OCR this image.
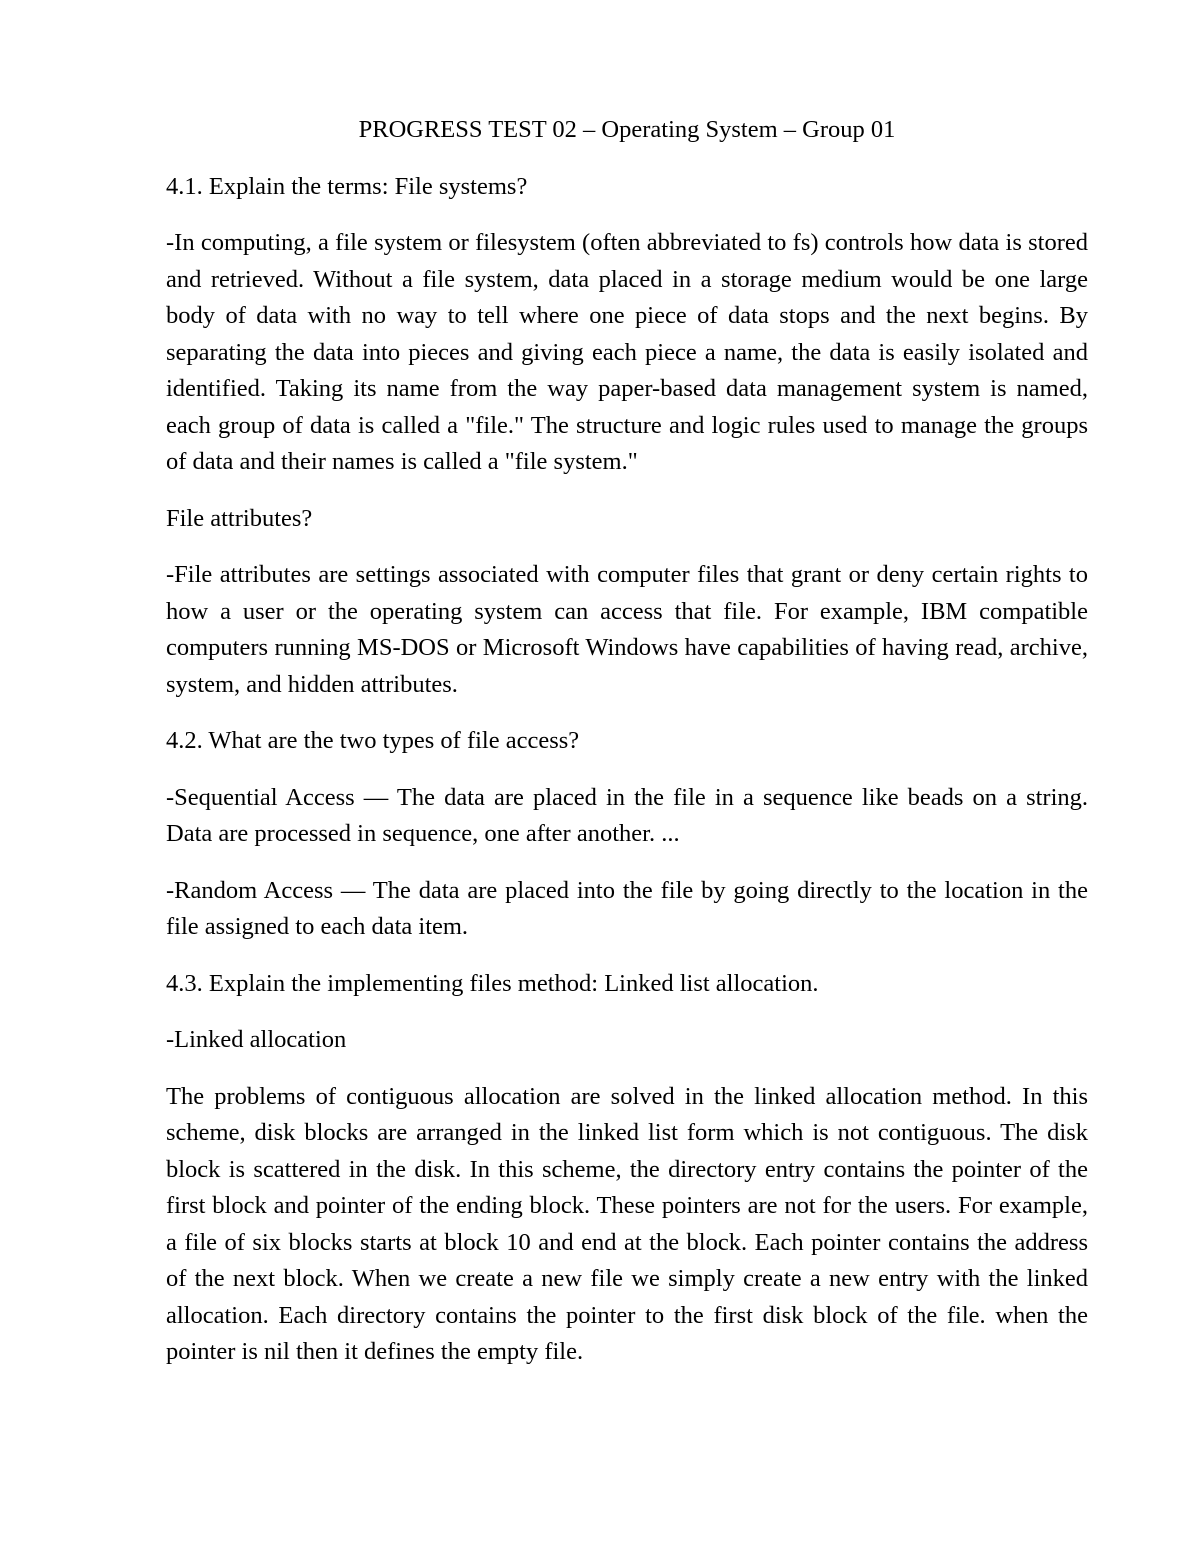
PROGRESS TEST 02 – Operating System – Group 01

4.1. Explain the terms: File systems?

-In computing, a file system or filesystem (often abbreviated to fs) controls how data is stored and retrieved. Without a file system, data placed in a storage medium would be one large body of data with no way to tell where one piece of data stops and the next begins. By separating the data into pieces and giving each piece a name, the data is easily isolated and identified. Taking its name from the way paper-based data management system is named, each group of data is called a "file." The structure and logic rules used to manage the groups of data and their names is called a "file system."

File attributes?

-File attributes are settings associated with computer files that grant or deny certain rights to how a user or the operating system can access that file. For example, IBM compatible computers running MS-DOS or Microsoft Windows have capabilities of having read, archive, system, and hidden attributes.

4.2. What are the two types of file access?

-Sequential Access — The data are placed in the file in a sequence like beads on a string. Data are processed in sequence, one after another. ...

-Random Access — The data are placed into the file by going directly to the location in the file assigned to each data item.

4.3. Explain the implementing files method: Linked list allocation.

-Linked allocation

The problems of contiguous allocation are solved in the linked allocation method. In this scheme, disk blocks are arranged in the linked list form which is not contiguous. The disk block is scattered in the disk. In this scheme, the directory entry contains the pointer of the first block and pointer of the ending block. These pointers are not for the users. For example, a file of six blocks starts at block 10 and end at the block. Each pointer contains the address of the next block. When we create a new file we simply create a new entry with the linked allocation. Each directory contains the pointer to the first disk block of the file. when the pointer is nil then it defines the empty file.
